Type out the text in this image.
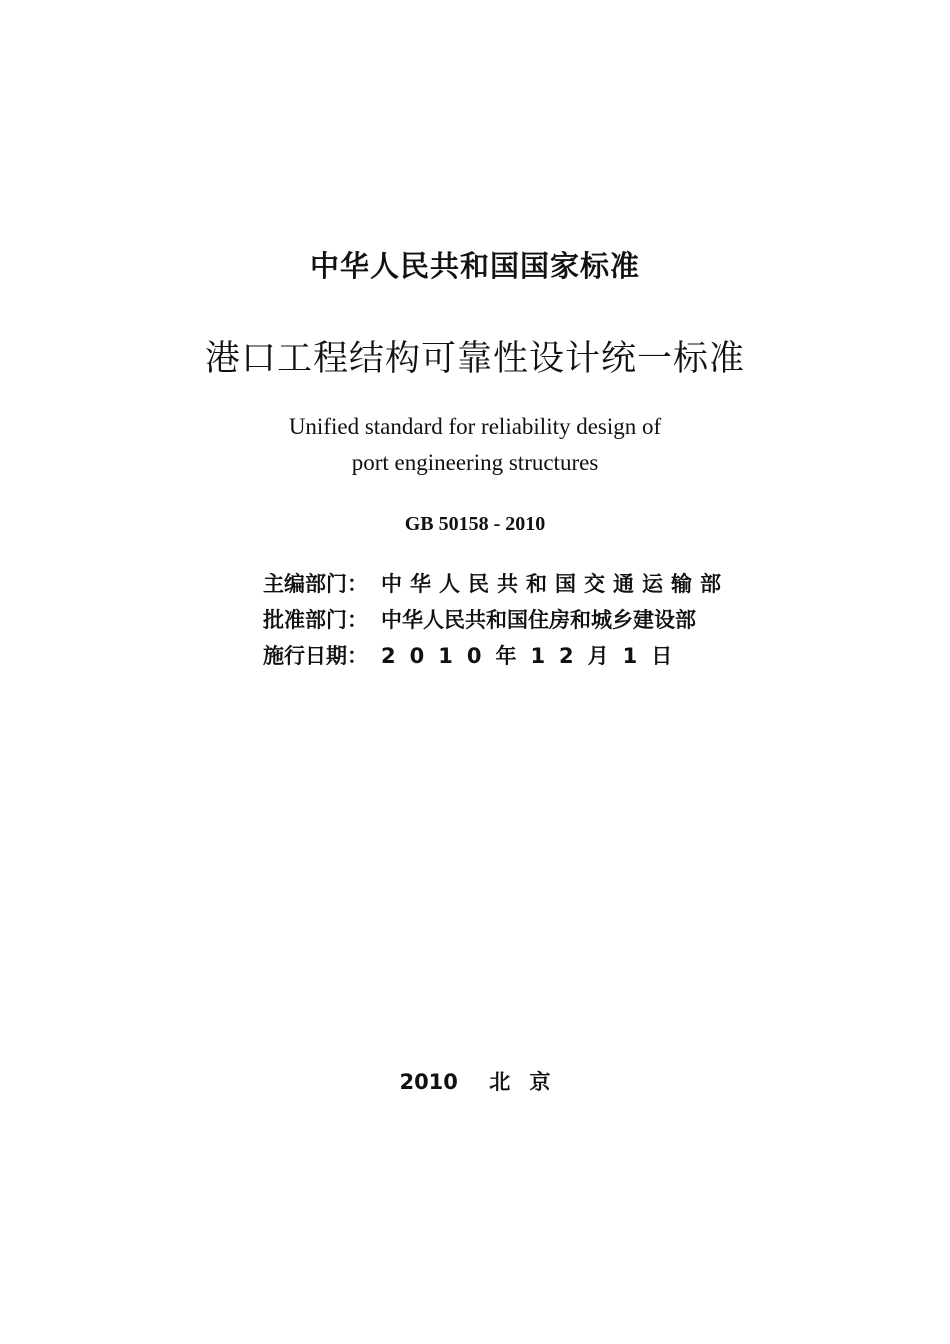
中华人民共和国国家标准
港口工程结构可靠性设计统一标准
Unified standard for reliability design of
port engineering structures
GB 50158 - 2010
主编部门： 中华人民共和国交通运输部
批准部门： 中华人民共和国住房和城乡建设部
施行日期： 2010年12月1日
2010 北 京
